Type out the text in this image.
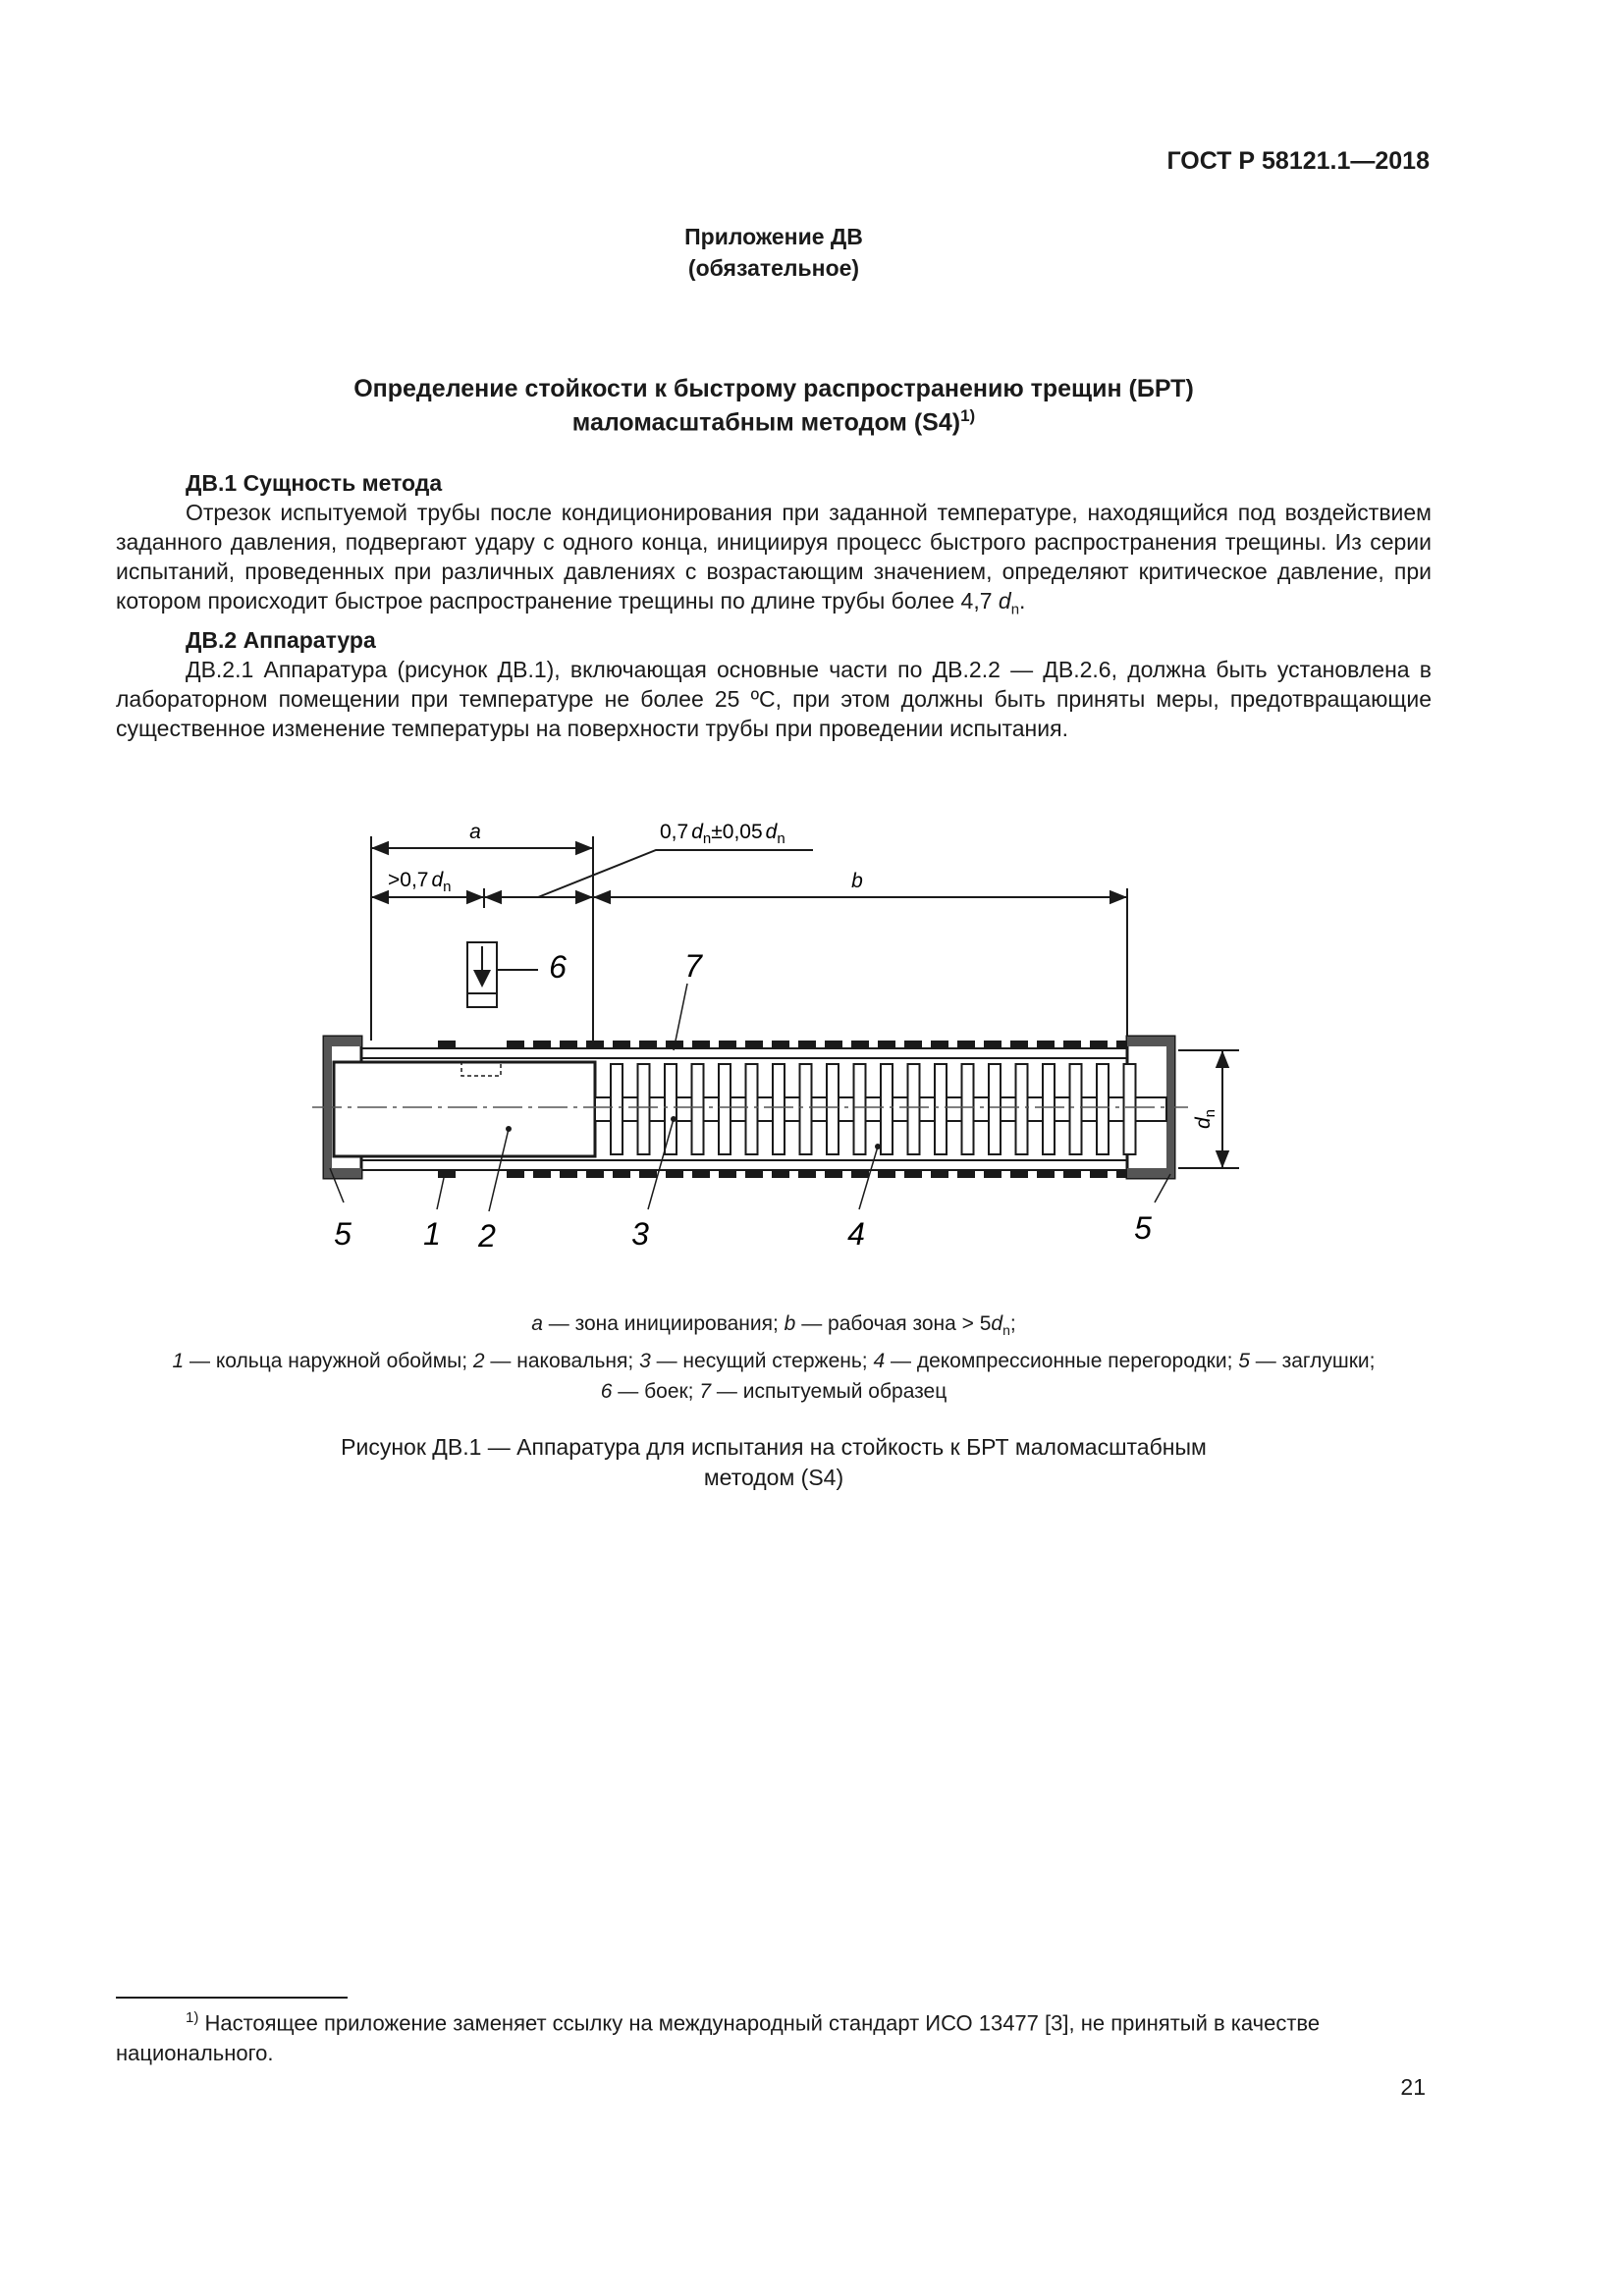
ГОСТ Р 58121.1—2018
Приложение ДВ
(обязательное)
Определение стойкости к быстрому распространению трещин (БРТ)
маломасштабным методом $(S4)^{1)}$

ДВ.1 Сущность метода

Отрезок испытуемой трубы после кондиционирования при заданной температуре, находящийся под воздействием заданного давления, подвергают удару с одного конца, инициируя процесс быстрого распространения трещины. Из серии испытаний, проведенных при различных давлениях с возрастающим значением, определяют критическое давление, при котором происходит быстрое распространение трещины по длине трубы более 4,7 $d_n$.

ДВ.2 Аппаратура

ДВ.2.1 Аппаратура (рисунок ДВ.1), включающая основные части по ДВ.2.2 — ДВ.2.6, должна быть установлена в лабораторном помещении при температуре не более 25 ºС, при этом должны быть приняты меры, предотвращающие существенное изменение температуры на поверхности трубы при проведении испытания.

a
b
>0,7 $d_n$
0,7 $d_n\pm 0,05$ $d_n$
$d_n$
1 2	3	4
5	5
6	7
a — зона инициирования; b — рабочая зона > $5d_n$;
1 — кольца наружной обоймы; 2 — наковальня; 3 — несущий стержень; 4 — декомпрессионные перегородки; 5 — заглушки;
6 — боек; 7 — испытуемый образец
Рисунок ДВ.1 — Аппаратура для испытания на стойкость к БРТ маломасштабным
методом (S4)
$^{1)}$ Настоящее приложение заменяет ссылку на международный стандарт ИСО 13477 [3], не принятый в качестве национального.
21
